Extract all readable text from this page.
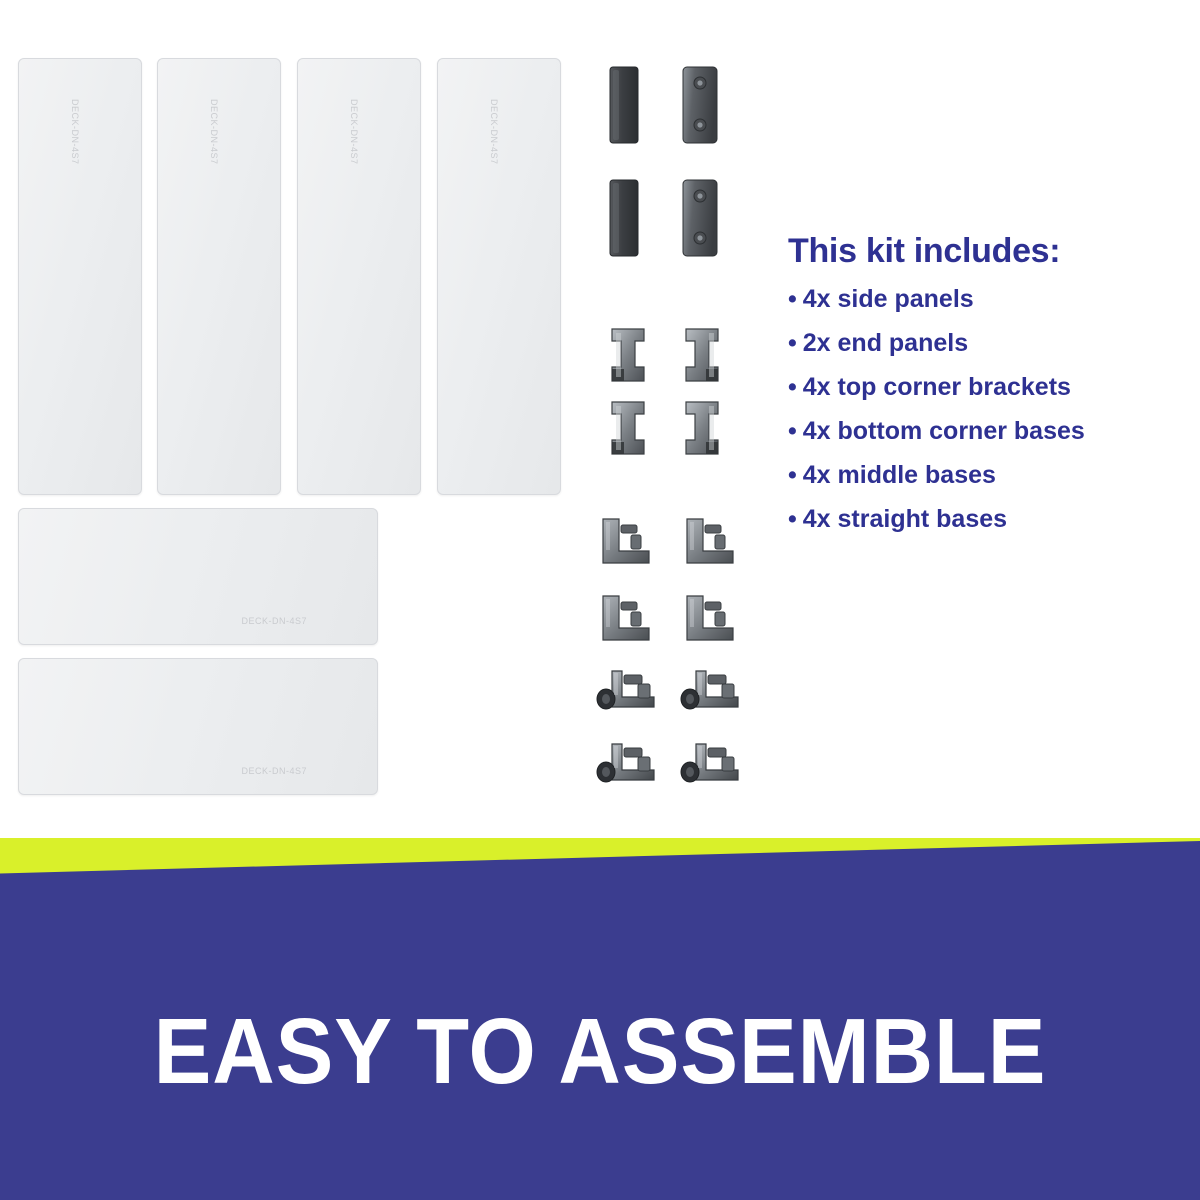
DECK-DN-4S7	DECK-DN-4S7	DECK-DN-4S7	DECK-DN-4S7
DECK-DN-4S7
DECK-DN-4S7
This kit includes:
• 4x side panels
• 2x end panels
• 4x top corner brackets
• 4x bottom corner bases
• 4x middle bases
• 4x straight bases
EASY TO ASSEMBLE
